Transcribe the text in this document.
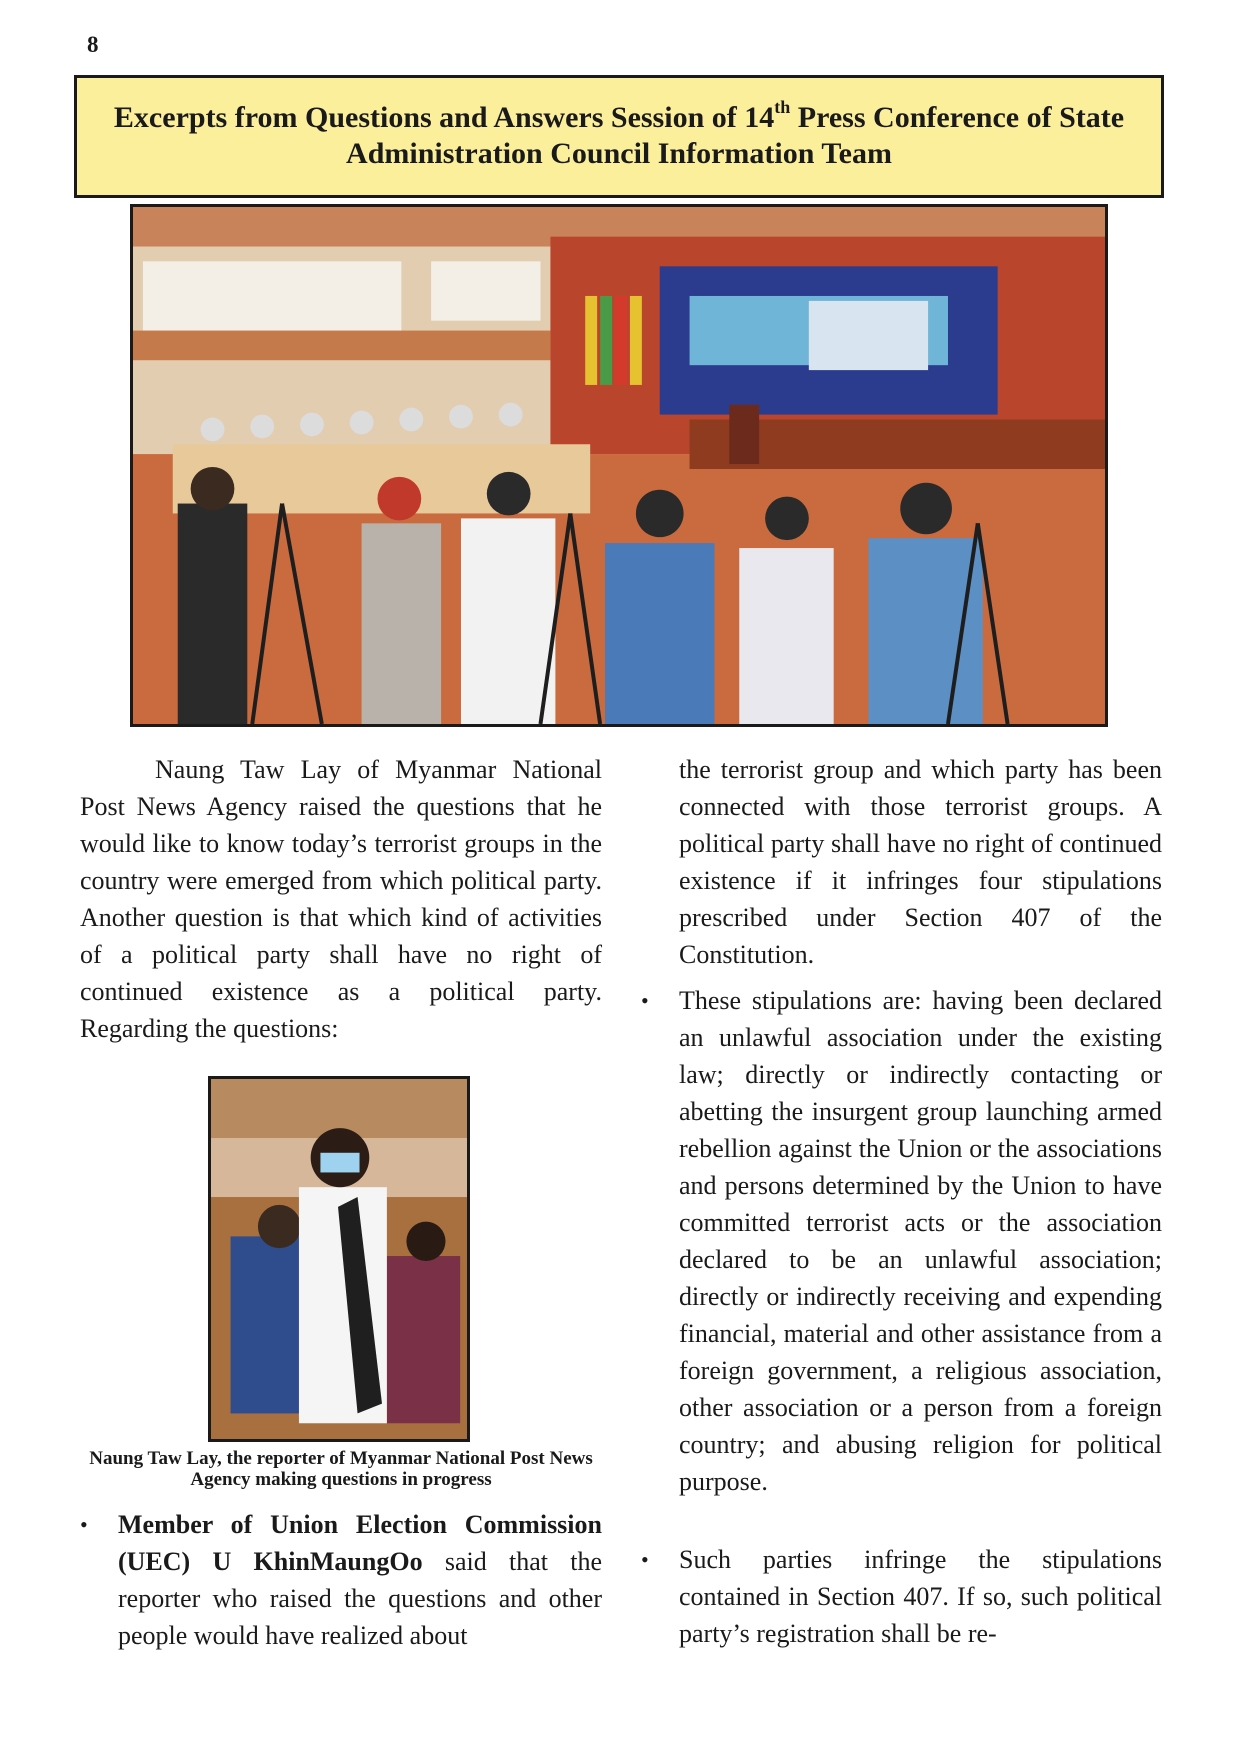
8
Excerpts from Questions and Answers Session of 14th Press Conference of State
Administration Council Information Team

Naung Taw Lay of Myanmar National Post News Agency raised the questions that he would like to know today’s terrorist groups in the country were emerged from which political party. Another question is that which kind of activities of a political party shall have no right of continued existence as a political party. Regarding the questions:

Naung Taw Lay, the reporter of Myanmar National Post News Agency making questions in progress
• Member of Union Election Commission (UEC) U KhinMaungOo said that the reporter who raised the questions and other people would have realized about

the terrorist group and which party has been connected with those terrorist groups. A political party shall have no right of continued existence if it infringes four stipulations prescribed under Section 407 of the Constitution.

• These stipulations are: having been declared an unlawful association under the existing law; directly or indirectly contacting or abetting the insurgent group launching armed rebellion against the Union or the associations and persons determined by the Union to have committed terrorist acts or the association declared to be an unlawful association; directly or indirectly receiving and expending financial, material and other assistance from a foreign government, a religious association, other association or a person from a foreign country; and abusing religion for political purpose.
• Such parties infringe the stipulations contained in Section 407. If so, such political party’s registration shall be re-
